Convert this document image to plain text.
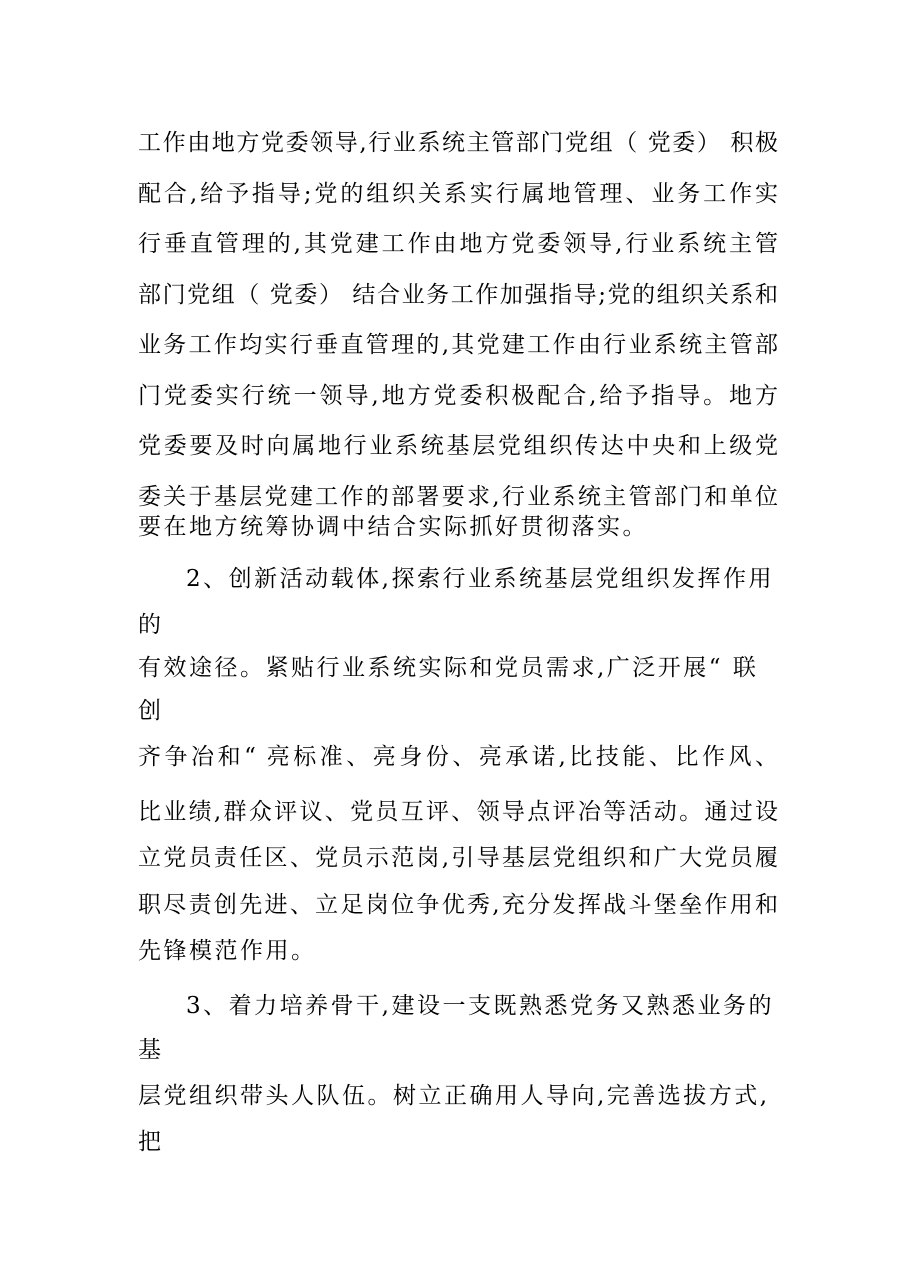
工作由地方党委领导,行业系统主管部门党组（ 党委） 积极
配合,给予指导;党的组织关系实行属地管理、业务工作实
行垂直管理的,其党建工作由地方党委领导,行业系统主管
部门党组（ 党委） 结合业务工作加强指导;党的组织关系和
业务工作均实行垂直管理的,其党建工作由行业系统主管部
门党委实行统一领导,地方党委积极配合,给予指导。地方
党委要及时向属地行业系统基层党组织传达中央和上级党
委关于基层党建工作的部署要求,行业系统主管部门和单位
要在地方统筹协调中结合实际抓好贯彻落实。
2、创新活动载体,探索行业系统基层党组织发挥作用
的
有效途径。紧贴行业系统实际和党员需求,广泛开展“ 联
创
齐争冶和“ 亮标准、亮身份、亮承诺,比技能、比作风、
比业绩,群众评议、党员互评、领导点评冶等活动。通过设
立党员责任区、党员示范岗,引导基层党组织和广大党员履
职尽责创先进、立足岗位争优秀,充分发挥战斗堡垒作用和
先锋模范作用。
3、着力培养骨干,建设一支既熟悉党务又熟悉业务的
基
层党组织带头人队伍。树立正确用人导向,完善选拔方式,
把
